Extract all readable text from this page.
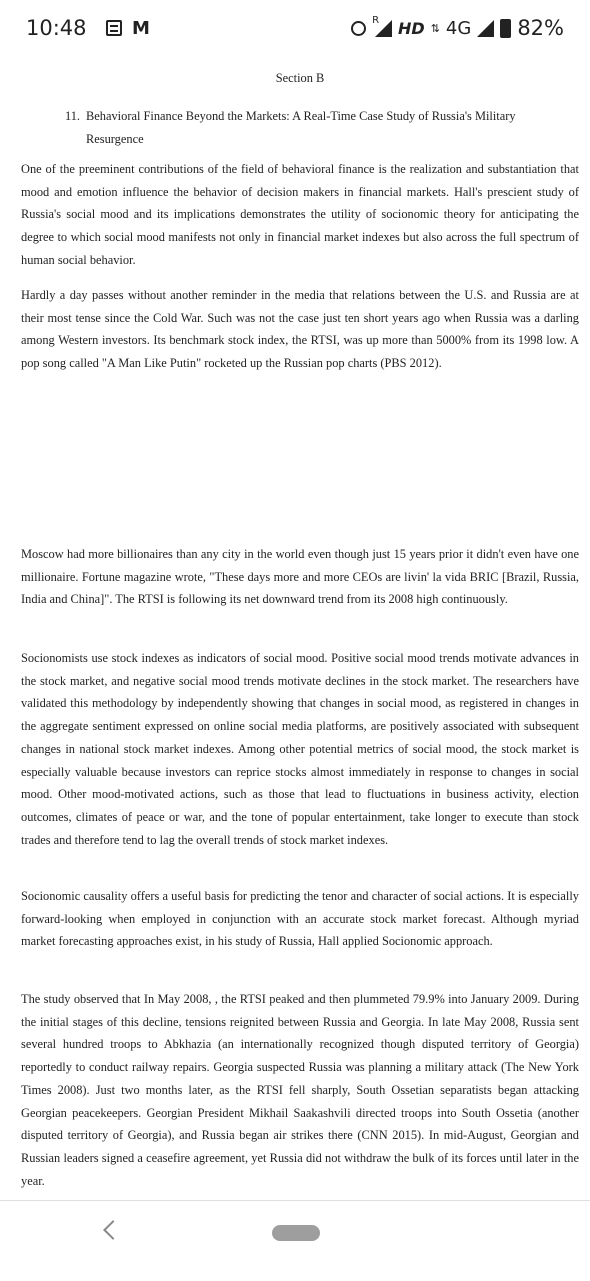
10:48	M	R HD ⇅ 4G 82%
Section B
11. Behavioral Finance Beyond the Markets: A Real-Time Case Study of Russia's Military
Resurgence

One of the preeminent contributions of the field of behavioral finance is the realization and substantiation that mood and emotion influence the behavior of decision makers in financial markets. Hall's prescient study of Russia's social mood and its implications demonstrates the utility of socionomic theory for anticipating the degree to which social mood manifests not only in financial market indexes but also across the full spectrum of human social behavior.

Hardly a day passes without another reminder in the media that relations between the U.S. and Russia are at their most tense since the Cold War. Such was not the case just ten short years ago when Russia was a darling among Western investors. Its benchmark stock index, the RTSI, was up more than 5000% from its 1998 low. A pop song called "A Man Like Putin" rocketed up the Russian pop charts (PBS 2012).

Moscow had more billionaires than any city in the world even though just 15 years prior it didn't even have one millionaire. Fortune magazine wrote, "These days more and more CEOs are livin' la vida BRIC [Brazil, Russia, India and China]". The RTSI is following its net downward trend from its 2008 high continuously.

Socionomists use stock indexes as indicators of social mood. Positive social mood trends motivate advances in the stock market, and negative social mood trends motivate declines in the stock market. The researchers have validated this methodology by independently showing that changes in social mood, as registered in changes in the aggregate sentiment expressed on online social media platforms, are positively associated with subsequent changes in national stock market indexes. Among other potential metrics of social mood, the stock market is especially valuable because investors can reprice stocks almost immediately in response to changes in social mood. Other mood-motivated actions, such as those that lead to fluctuations in business activity, election outcomes, climates of peace or war, and the tone of popular entertainment, take longer to execute than stock trades and therefore tend to lag the overall trends of stock market indexes.

Socionomic causality offers a useful basis for predicting the tenor and character of social actions. It is especially forward-looking when employed in conjunction with an accurate stock market forecast. Although myriad market forecasting approaches exist, in his study of Russia, Hall applied Socionomic approach.

The study observed that In May 2008, , the RTSI peaked and then plummeted 79.9% into January 2009. During the initial stages of this decline, tensions reignited between Russia and Georgia. In late May 2008, Russia sent several hundred troops to Abkhazia (an internationally recognized though disputed territory of Georgia) reportedly to conduct railway repairs. Georgia suspected Russia was planning a military attack (The New York Times 2008). Just two months later, as the RTSI fell sharply, South Ossetian separatists began attacking Georgian peacekeepers. Georgian President Mikhail Saakashvili directed troops into South Ossetia (another disputed territory of Georgia), and Russia began air strikes there (CNN 2015). In mid-August, Georgian and Russian leaders signed a ceasefire agreement, yet Russia did not withdraw the bulk of its forces until later in the year.
